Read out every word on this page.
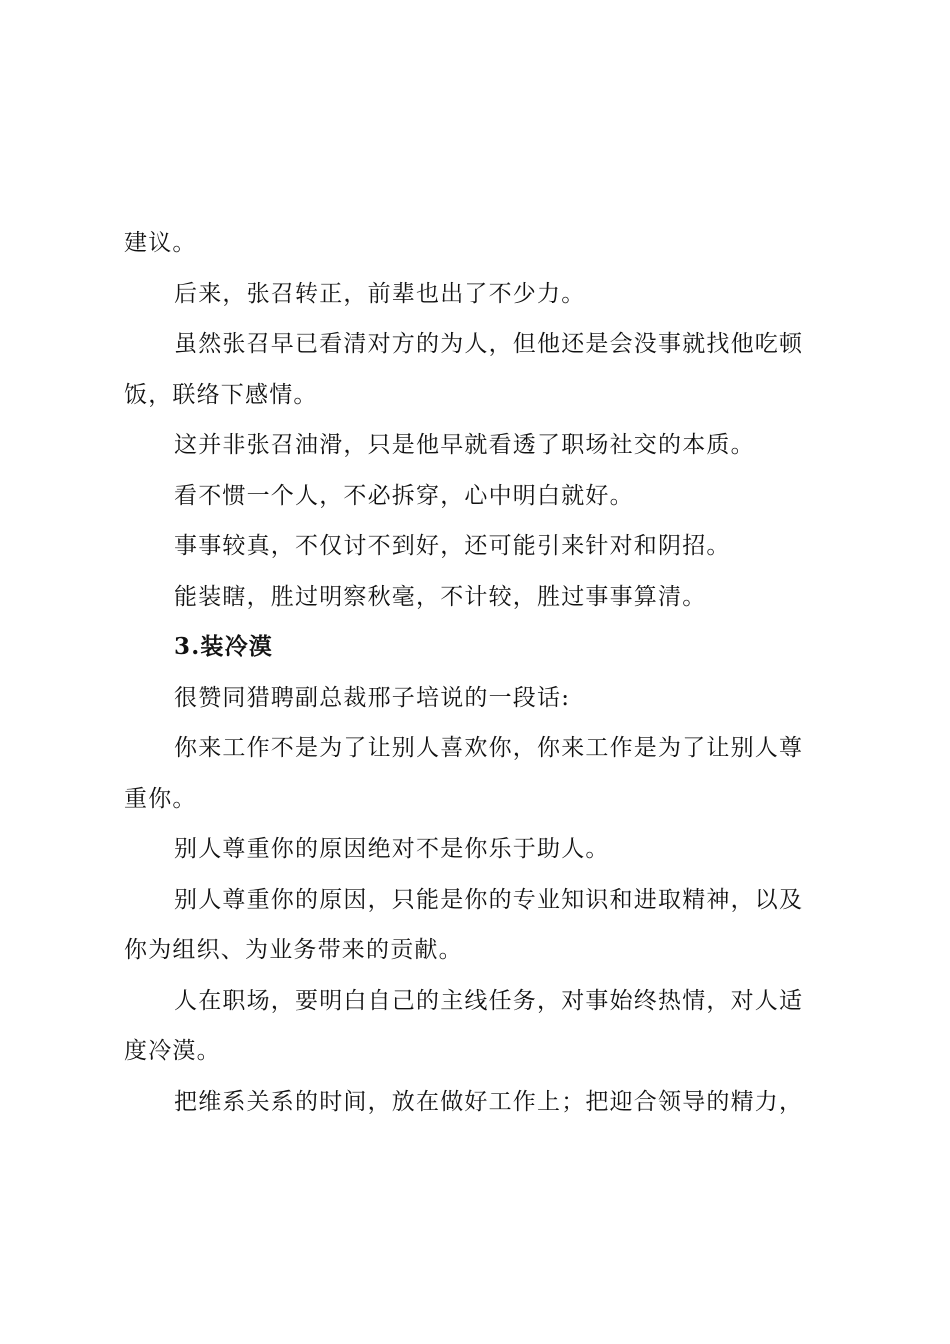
建议。

后来，张召转正，前辈也出了不少力。

虽然张召早已看清对方的为人，但他还是会没事就找他吃顿饭，联络下感情。

这并非张召油滑，只是他早就看透了职场社交的本质。

看不惯一个人，不必拆穿，心中明白就好。

事事较真，不仅讨不到好，还可能引来针对和阴招。

能装瞎，胜过明察秋毫，不计较，胜过事事算清。

3.装冷漠

很赞同猎聘副总裁邢子培说的一段话:

你来工作不是为了让别人喜欢你，你来工作是为了让别人尊重你。

别人尊重你的原因绝对不是你乐于助人。

别人尊重你的原因，只能是你的专业知识和进取精神，以及你为组织、为业务带来的贡献。

人在职场，要明白自己的主线任务，对事始终热情，对人适度冷漠。

把维系关系的时间，放在做好工作上；把迎合领导的精力，
